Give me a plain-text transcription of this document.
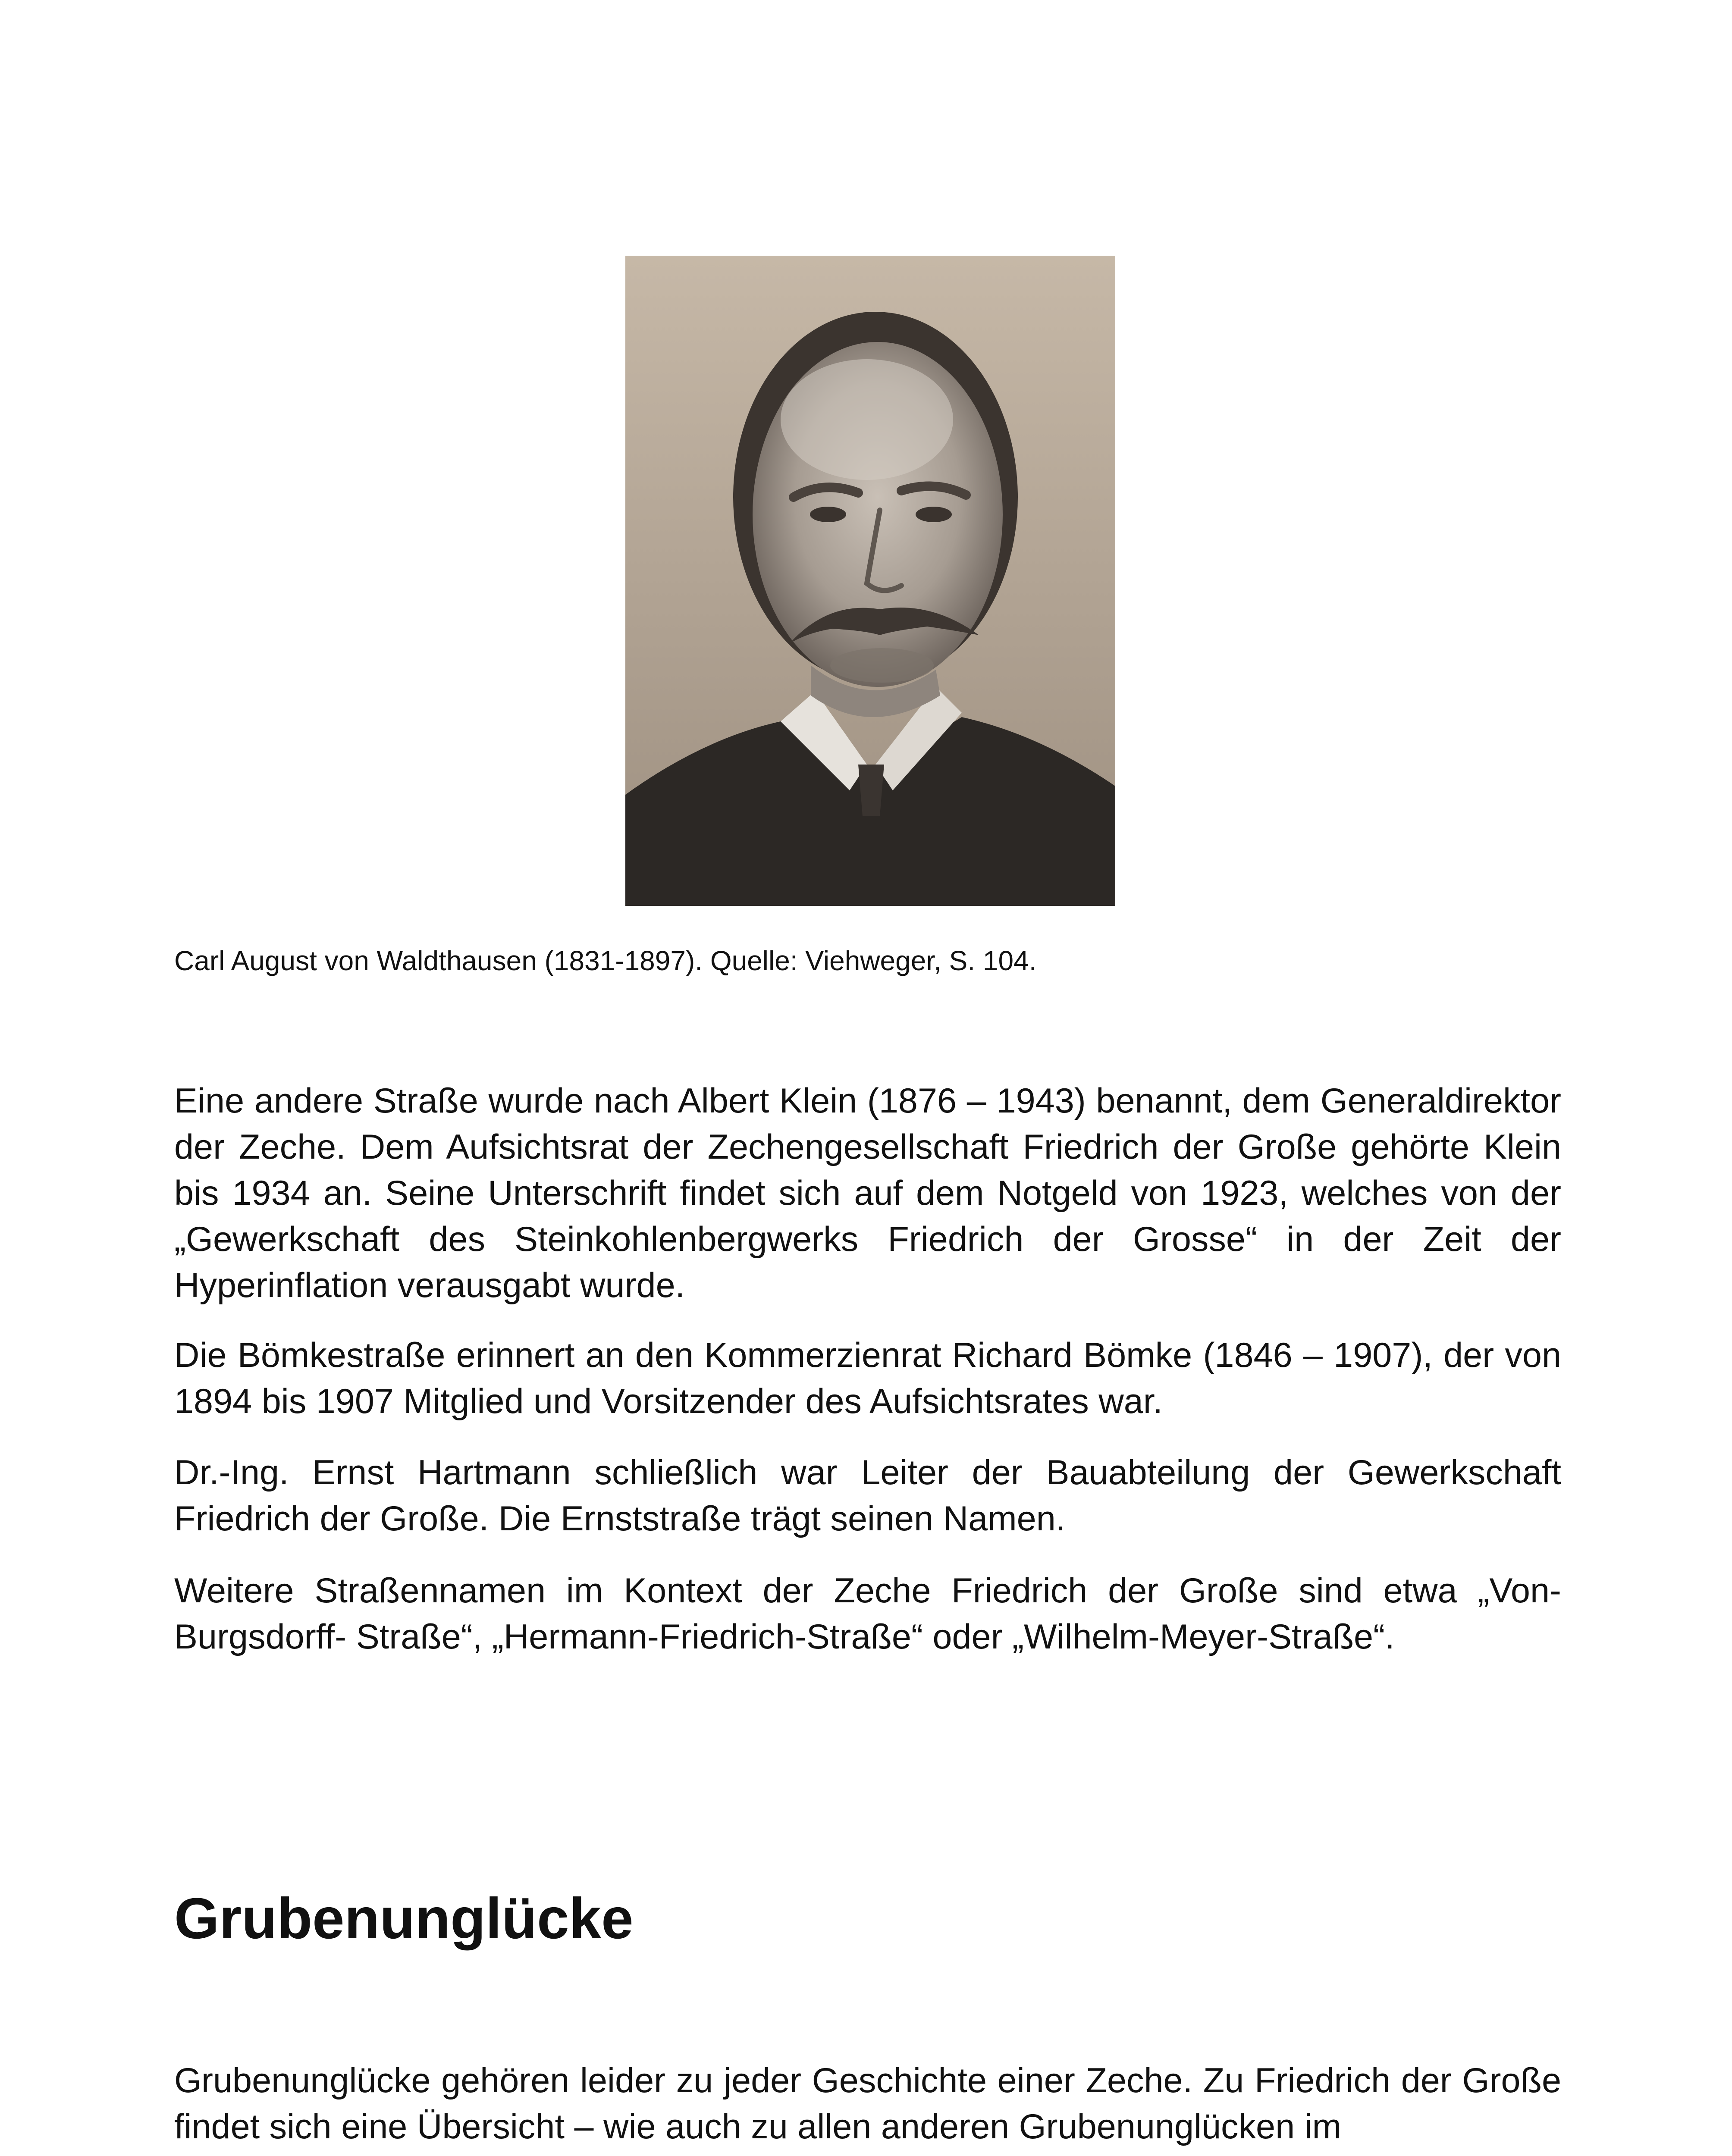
Carl August von Waldthausen (1831-1897). Quelle: Viehweger, S. 104.

Eine andere Straße wurde nach Albert Klein (1876 – 1943) benannt, dem Generaldirektor der Zeche. Dem Aufsichtsrat der Zechengesellschaft Friedrich der Große gehörte Klein bis 1934 an. Seine Unterschrift findet sich auf dem Notgeld von 1923, welches von der „Gewerkschaft des Steinkohlenbergwerks Friedrich der Grosse“ in der Zeit der Hyperinflation verausgabt wurde.

Die Bömkestraße erinnert an den Kommerzienrat Richard Bömke (1846 – 1907), der von 1894 bis 1907 Mitglied und Vorsitzender des Aufsichtsrates war.

Dr.-Ing. Ernst Hartmann schließlich war Leiter der Bauabteilung der Gewerkschaft Friedrich der Große. Die Ernststraße trägt seinen Namen.

Weitere Straßennamen im Kontext der Zeche Friedrich der Große sind etwa „Von-Burgsdorff- Straße“, „Hermann-Friedrich-Straße“ oder „Wilhelm-Meyer-Straße“.

Grubenunglücke

Grubenunglücke gehören leider zu jeder Geschichte einer Zeche. Zu Friedrich der Große findet sich eine Übersicht – wie auch zu allen anderen Grubenunglücken im
